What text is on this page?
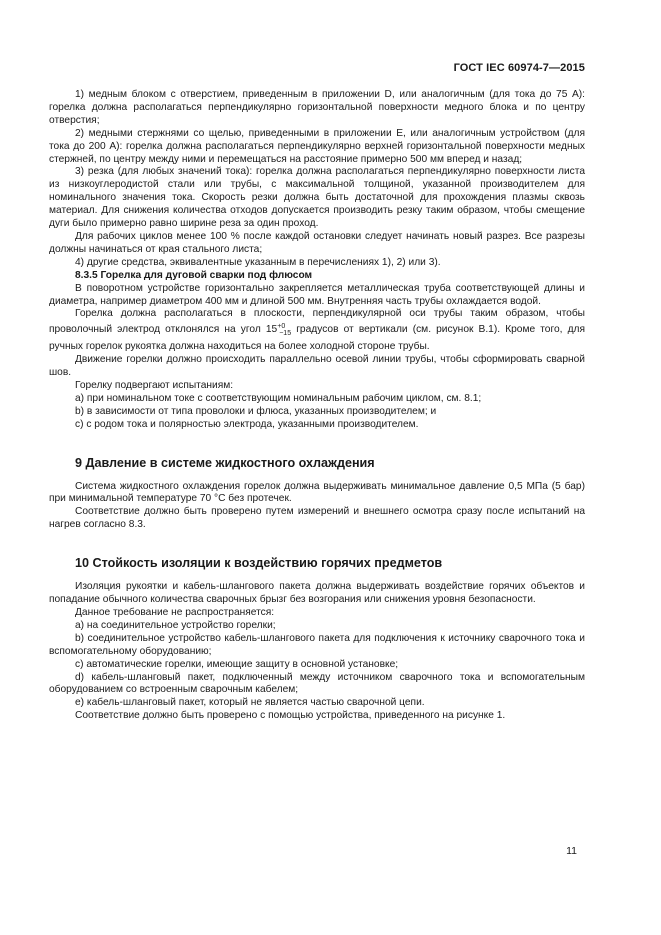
ГОСТ IEC 60974-7—2015

1) медным блоком с отверстием, приведенным в приложении D, или аналогичным (для тока до 75 А): горелка должна располагаться перпендикулярно горизонтальной поверхности медного блока и по центру отверстия;

2) медными стержнями со щелью, приведенными в приложении Е, или аналогичным устройством (для тока до 200 А): горелка должна располагаться перпендикулярно верхней горизонтальной поверхности медных стержней, по центру между ними и перемещаться на расстояние примерно 500 мм вперед и назад;

3) резка (для любых значений тока): горелка должна располагаться перпендикулярно поверхности листа из низкоуглеродистой стали или трубы, с максимальной толщиной, указанной производителем для номинального значения тока. Скорость резки должна быть достаточной для прохождения плазмы сквозь материал. Для снижения количества отходов допускается производить резку таким образом, чтобы смещение дуги было примерно равно ширине реза за один проход.

Для рабочих циклов менее 100 % после каждой остановки следует начинать новый разрез. Все разрезы должны начинаться от края стального листа;

4) другие средства, эквивалентные указанным в перечислениях 1), 2) или 3).

8.3.5 Горелка для дуговой сварки под флюсом

В поворотном устройстве горизонтально закрепляется металлическая труба соответствующей длины и диаметра, например диаметром 400 мм и длиной 500 мм. Внутренняя часть трубы охлаждается водой.

Горелка должна располагаться в плоскости, перпендикулярной оси трубы таким образом, чтобы проволочный электрод отклонялся на угол $15^{+0}_{-15}$ градусов от вертикали (см. рисунок В.1). Кроме того, для ручных горелок рукоятка должна находиться на более холодной стороне трубы.

Движение горелки должно происходить параллельно осевой линии трубы, чтобы сформировать сварной шов.

Горелку подвергают испытаниям:

а) при номинальном токе с соответствующим номинальным рабочим циклом, см. 8.1;

b) в зависимости от типа проволоки и флюса, указанных производителем; и

с) с родом тока и полярностью электрода, указанными производителем.

9 Давление в системе жидкостного охлаждения

Система жидкостного охлаждения горелок должна выдерживать минимальное давление 0,5 МПа (5 бар) при минимальной температуре 70 °С без протечек.

Соответствие должно быть проверено путем измерений и внешнего осмотра сразу после испытаний на нагрев согласно 8.3.

10 Стойкость изоляции к воздействию горячих предметов

Изоляция рукоятки и кабель-шлангового пакета должна выдерживать воздействие горячих объектов и попадание обычного количества сварочных брызг без возгорания или снижения уровня безопасности.

Данное требование не распространяется:

а) на соединительное устройство горелки;

b) соединительное устройство кабель-шлангового пакета для подключения к источнику сварочного тока и вспомогательному оборудованию;

с) автоматические горелки, имеющие защиту в основной установке;

d) кабель-шланговый пакет, подключенный между источником сварочного тока и вспомогательным оборудованием со встроенным сварочным кабелем;

е) кабель-шланговый пакет, который не является частью сварочной цепи.

Соответствие должно быть проверено с помощью устройства, приведенного на рисунке 1.

11
